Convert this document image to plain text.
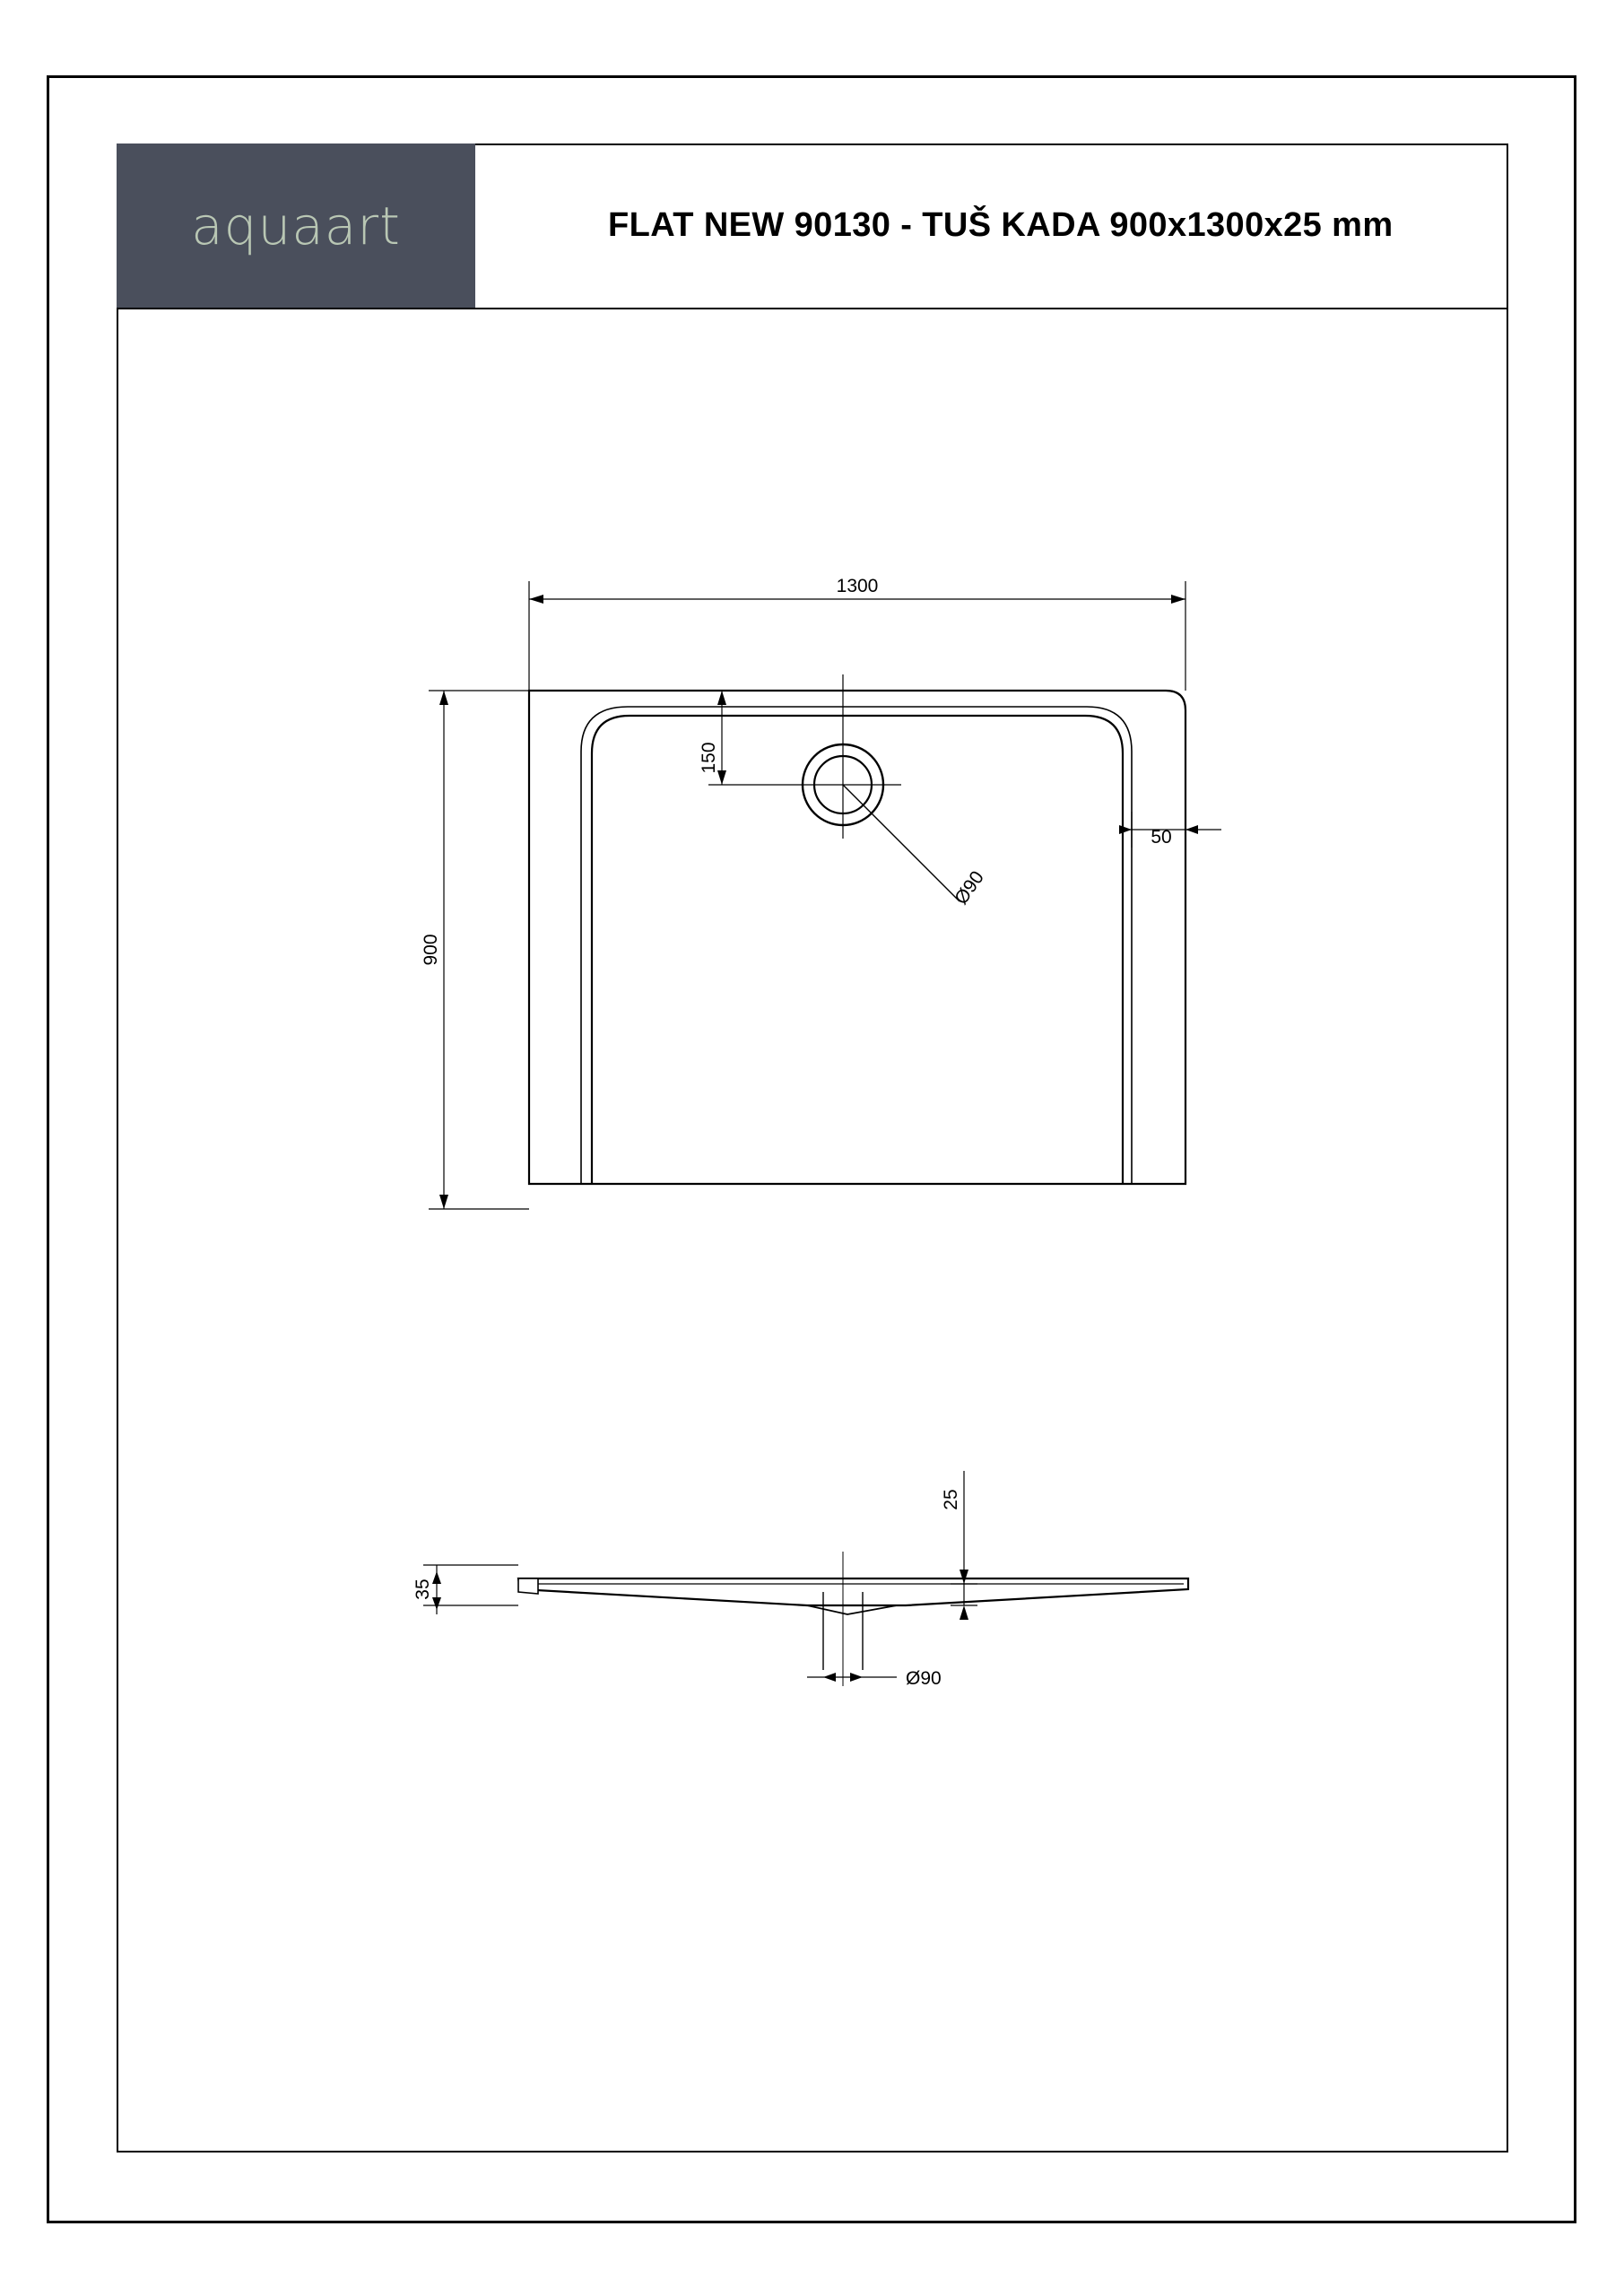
aquaart	FLAT NEW 90130 - TUŠ KADA 900x1300x25 mm
Ø90
1300
900
150
50
Ø90
25
35
